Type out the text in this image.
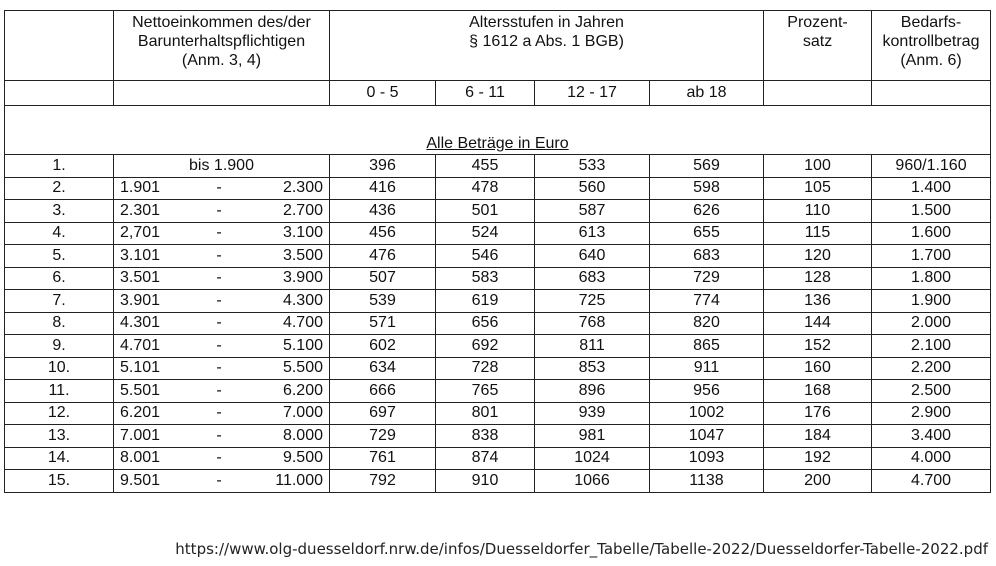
	Nettoeinkommen des/der
Barunterhaltspflichtigen
(Anm. 3, 4)	Altersstufen in Jahren
§ 1612 a Abs. 1 BGB)				Prozent-
satz	Bedarfs-
kontrollbetrag
(Anm. 6)

		0 - 5	6 - 11	12 - 17	ab 18		
Alle Beträge in Euro							
1.	bis 1.900	396	455	533	569	100	960/1.160
2.	1.901 - 2.300	416	478	560	598	105	1.400
3.	2.301 - 2.700	436	501	587	626	110	1.500
4.	2,701 - 3.100	456	524	613	655	115	1.600
5.	3.101 - 3.500	476	546	640	683	120	1.700
6.	3.501 - 3.900	507	583	683	729	128	1.800
7.	3.901 - 4.300	539	619	725	774	136	1.900
8.	4.301 - 4.700	571	656	768	820	144	2.000
9.	4.701 - 5.100	602	692	811	865	152	2.100
10.	5.101 - 5.500	634	728	853	911	160	2.200
11.	5.501 - 6.200	666	765	896	956	168	2.500
12.	6.201 - 7.000	697	801	939	1002	176	2.900
13.	7.001 - 8.000	729	838	981	1047	184	3.400
14.	8.001 - 9.500	761	874	1024	1093	192	4.000
15.	9.501 - 11.000	792	910	1066	1138	200	4.700
https://www.olg-duesseldorf.nrw.de/infos/Duesseldorfer_Tabelle/Tabelle-2022/Duesseldorfer-Tabelle-2022.pdf
